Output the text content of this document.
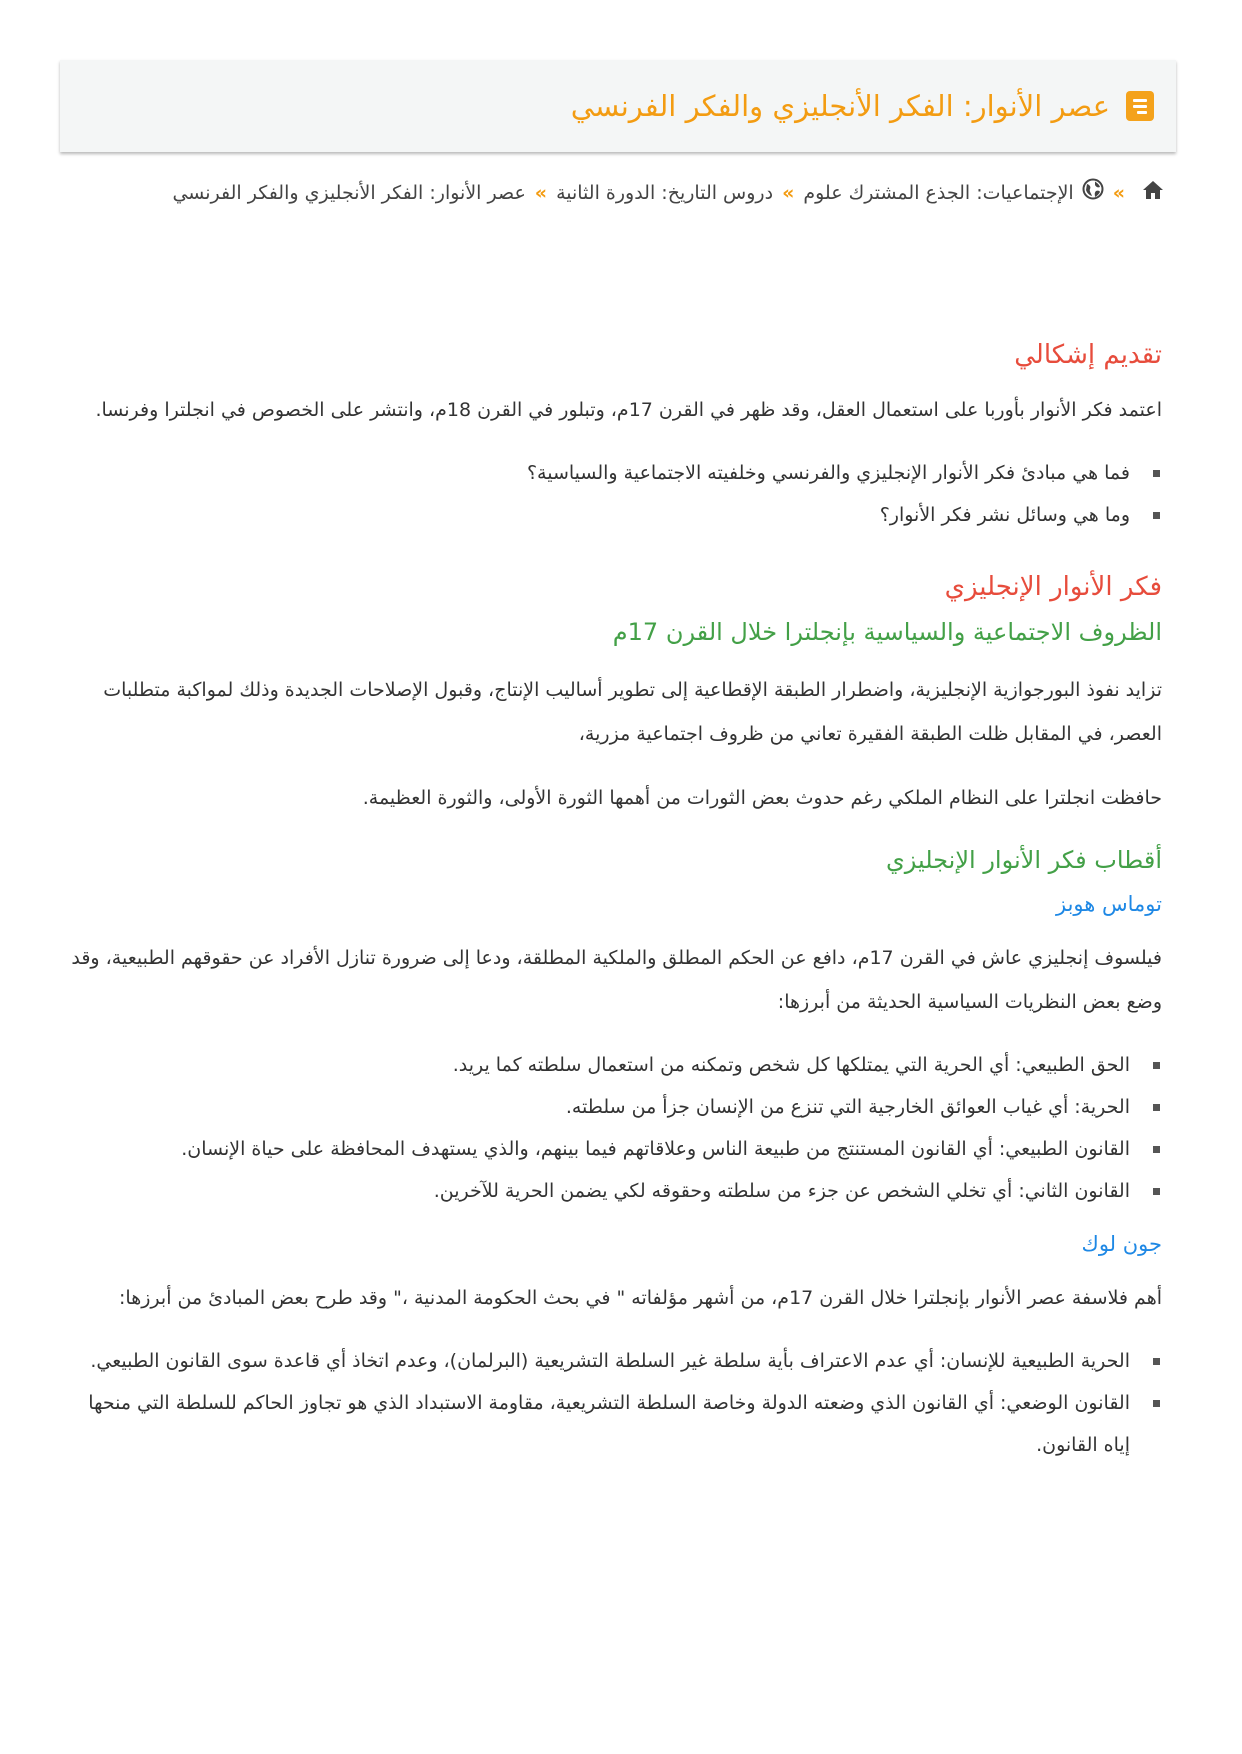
عصر الأنوار: الفكر الأنجليزي والفكر الفرنسي
»الإجتماعيات: الجذع المشترك علوم»دروس التاريخ: الدورة الثانية»عصر الأنوار: الفكر الأنجليزي والفكر الفرنسي
تقديم إشكالي

اعتمد فكر الأنوار بأوربا على استعمال العقل، وقد ظهر في القرن 17م، وتبلور في القرن 18م، وانتشر على الخصوص في انجلترا وفرنسا.

فما هي مبادئ فكر الأنوار الإنجليزي والفرنسي وخلفيته الاجتماعية والسياسية؟
وما هي وسائل نشر فكر الأنوار؟
فكر الأنوار الإنجليزي
الظروف الاجتماعية والسياسية بإنجلترا خلال القرن 17م

تزايد نفوذ البورجوازية الإنجليزية، واضطرار الطبقة الإقطاعية إلى تطوير أساليب الإنتاج، وقبول الإصلاحات الجديدة وذلك لمواكبة متطلبات العصر، في المقابل ظلت الطبقة الفقيرة تعاني من ظروف اجتماعية مزرية،

حافظت انجلترا على النظام الملكي رغم حدوث بعض الثورات من أهمها الثورة الأولى، والثورة العظيمة.

أقطاب فكر الأنوار الإنجليزي
توماس هوبز

فيلسوف إنجليزي عاش في القرن 17م، دافع عن الحكم المطلق والملكية المطلقة، ودعا إلى ضرورة تنازل الأفراد عن حقوقهم الطبيعية، وقد وضع بعض النظريات السياسية الحديثة من أبرزها:

الحق الطبيعي: أي الحرية التي يمتلكها كل شخص وتمكنه من استعمال سلطته كما يريد.
الحرية: أي غياب العوائق الخارجية التي تنزع من الإنسان جزأ من سلطته.
القانون الطبيعي: أي القانون المستنتج من طبيعة الناس وعلاقاتهم فيما بينهم، والذي يستهدف المحافظة على حياة الإنسان.
القانون الثاني: أي تخلي الشخص عن جزء من سلطته وحقوقه لكي يضمن الحرية للآخرين.
جون لوك

أهم فلاسفة عصر الأنوار بإنجلترا خلال القرن 17م، من أشهر مؤلفاته " في بحث الحكومة المدنية ،" وقد طرح بعض المبادئ من أبرزها:

الحرية الطبيعية للإنسان: أي عدم الاعتراف بأية سلطة غير السلطة التشريعية (البرلمان)، وعدم اتخاذ أي قاعدة سوى القانون الطبيعي.
القانون الوضعي: أي القانون الذي وضعته الدولة وخاصة السلطة التشريعية، مقاومة الاستبداد الذي هو تجاوز الحاكم للسلطة التي منحها إياه القانون.
